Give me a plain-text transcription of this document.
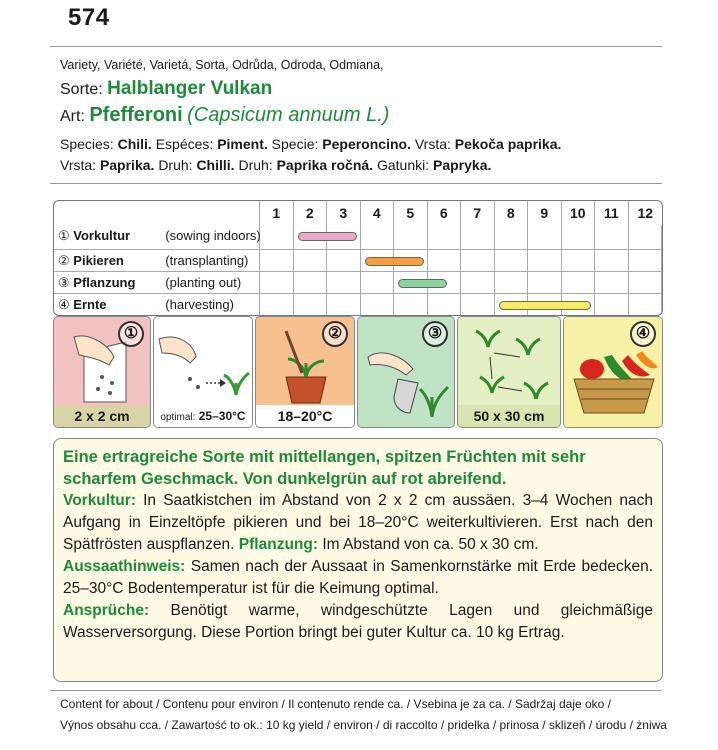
574
Variety, Variété, Varietá, Sorta, Odrůda, Odroda, Odmiana,
Sorte: Halblanger Vulkan
Art: Pfefferoni (Capsicum annuum L.)
Species: Chili. Espéces: Piment. Specie: Peperoncino. Vrsta: Pekoča paprika.
Vrsta: Paprika. Druh: Chilli. Druh: Paprika ročná. Gatunki: Papryka.
1	2	3	4	5	6	7	8	9	10	11	12
① Vorkultur	(sowing indoors)
② Pikieren	(transplanting)
③ Pflanzung (planting out)
④ Ernte	(harvesting)
①
2 x 2 cm	optimal: 25–30°C
②
18–20°C
③
50 x 30 cm
④
Eine ertragreiche Sorte mit mittellangen, spitzen Früchten mit sehr scharfem Geschmack. Von dunkelgrün auf rot abreifend.

Vorkultur: In Saatkistchen im Abstand von 2 x 2 cm aussäen. 3–4 Wochen nach Aufgang in Einzeltöpfe pikieren und bei 18–20°C weiterkultivieren. Erst nach den Spätfrösten auspflanzen. Pflanzung: Im Abstand von ca. 50 x 30 cm.

Aussaathinweis: Samen nach der Aussaat in Samenkornstärke mit Erde bedecken. 25–30°C Bodentemperatur ist für die Keimung optimal.

Ansprüche: Benötigt warme, windgeschützte Lagen und gleichmäßige Wasserversorgung. Diese Portion bringt bei guter Kultur ca. 10 kg Ertrag.

Content for about / Contenu pour environ / Il contenuto rende ca. / Vsebina je za ca. / Sadržaj daje oko /
Výnos obsahu cca. / Zawartość to ok.: 10 kg yield / environ / di raccolto / pridelka / prinosa / sklizeň / úrodu / żniwa
